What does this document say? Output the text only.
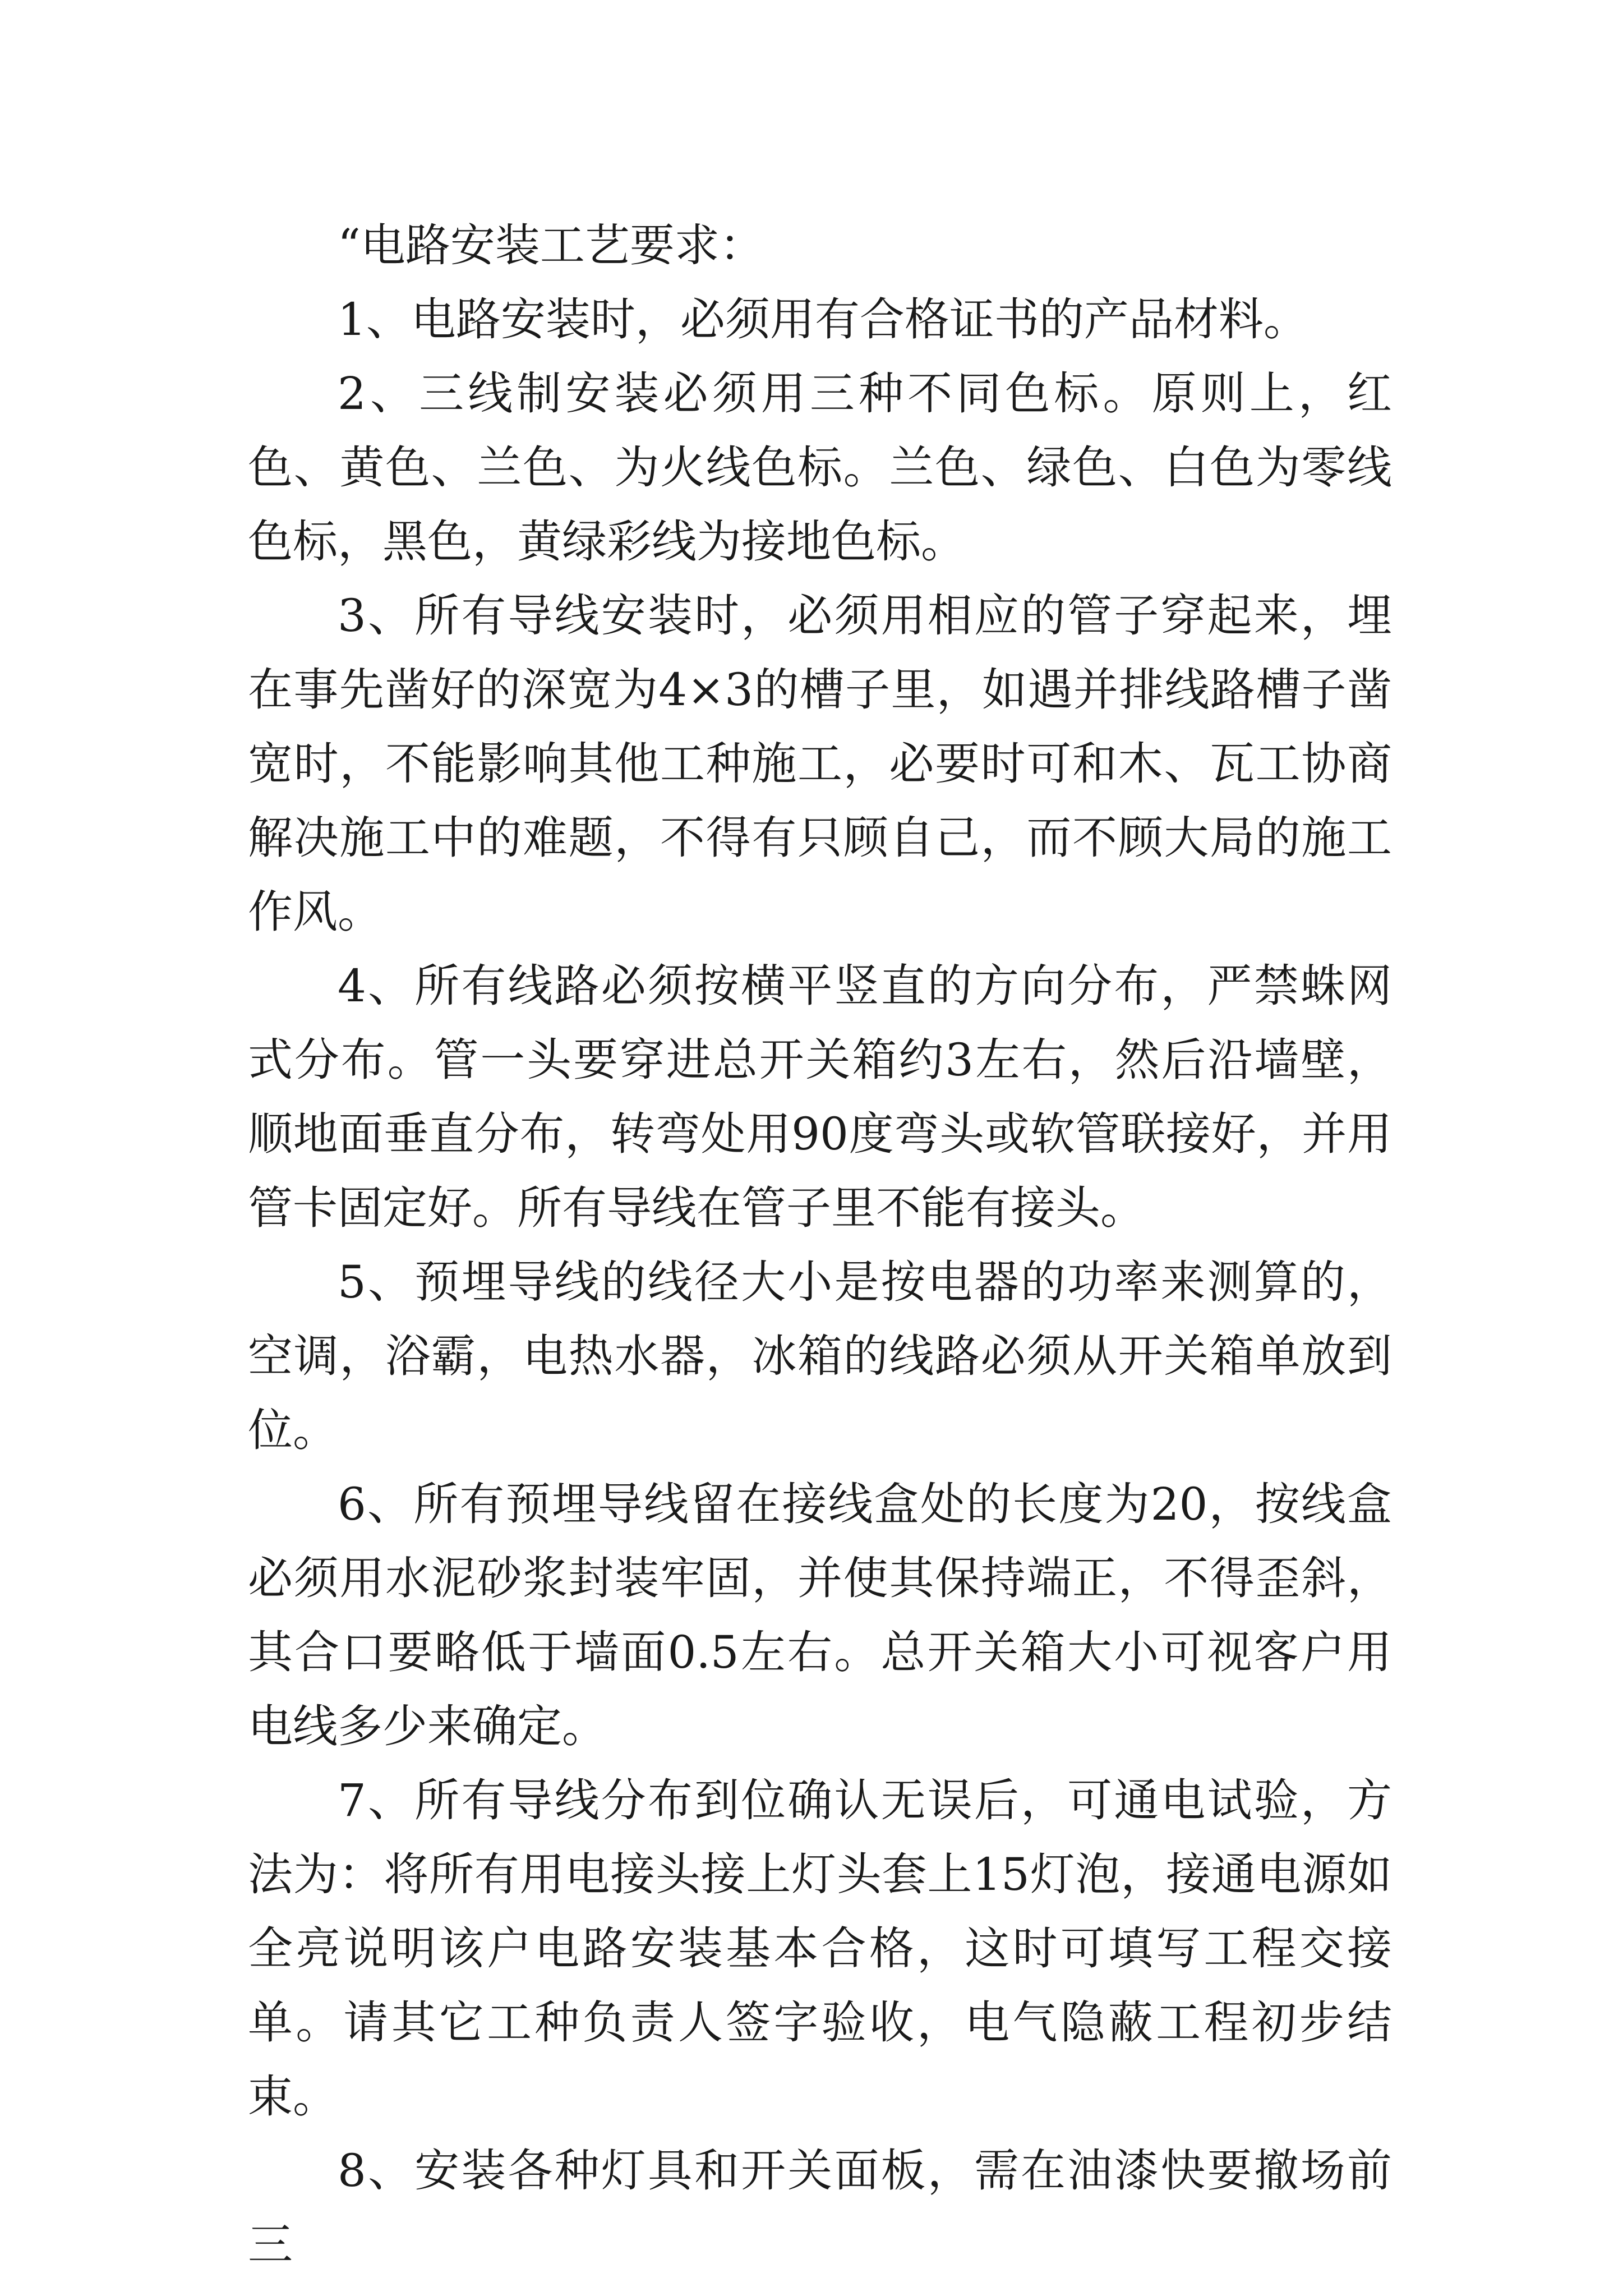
“电路安装工艺要求：

1、电路安装时，必须用有合格证书的产品材料。

2、三线制安装必须用三种不同色标。原则上，红色、黄色、兰色、为火线色标。兰色、绿色、白色为零线色标，黑色，黄绿彩线为接地色标。

3、所有导线安装时，必须用相应的管子穿起来，埋在事先凿好的深宽为4×3的槽子里，如遇并排线路槽子凿宽时，不能影响其他工种施工，必要时可和木、瓦工协商解决施工中的难题，不得有只顾自己，而不顾大局的施工作风。

4、所有线路必须按横平竖直的方向分布，严禁蛛网式分布。管一头要穿进总开关箱约3左右，然后沿墙壁，顺地面垂直分布，转弯处用90度弯头或软管联接好，并用管卡固定好。所有导线在管子里不能有接头。

5、预埋导线的线径大小是按电器的功率来测算的，空调，浴霸，电热水器，冰箱的线路必须从开关箱单放到位。

6、所有预埋导线留在接线盒处的长度为20，按线盒必须用水泥砂浆封装牢固，并使其保持端正，不得歪斜，其合口要略低于墙面0.5左右。总开关箱大小可视客户用电线多少来确定。

7、所有导线分布到位确认无误后，可通电试验，方法为：将所有用电接头接上灯头套上15灯泡，接通电源如全亮说明该户电路安装基本合格，这时可填写工程交接单。请其它工种负责人签字验收，电气隐蔽工程初步结束。

8、安装各种灯具和开关面板，需在油漆快要撤场前三
